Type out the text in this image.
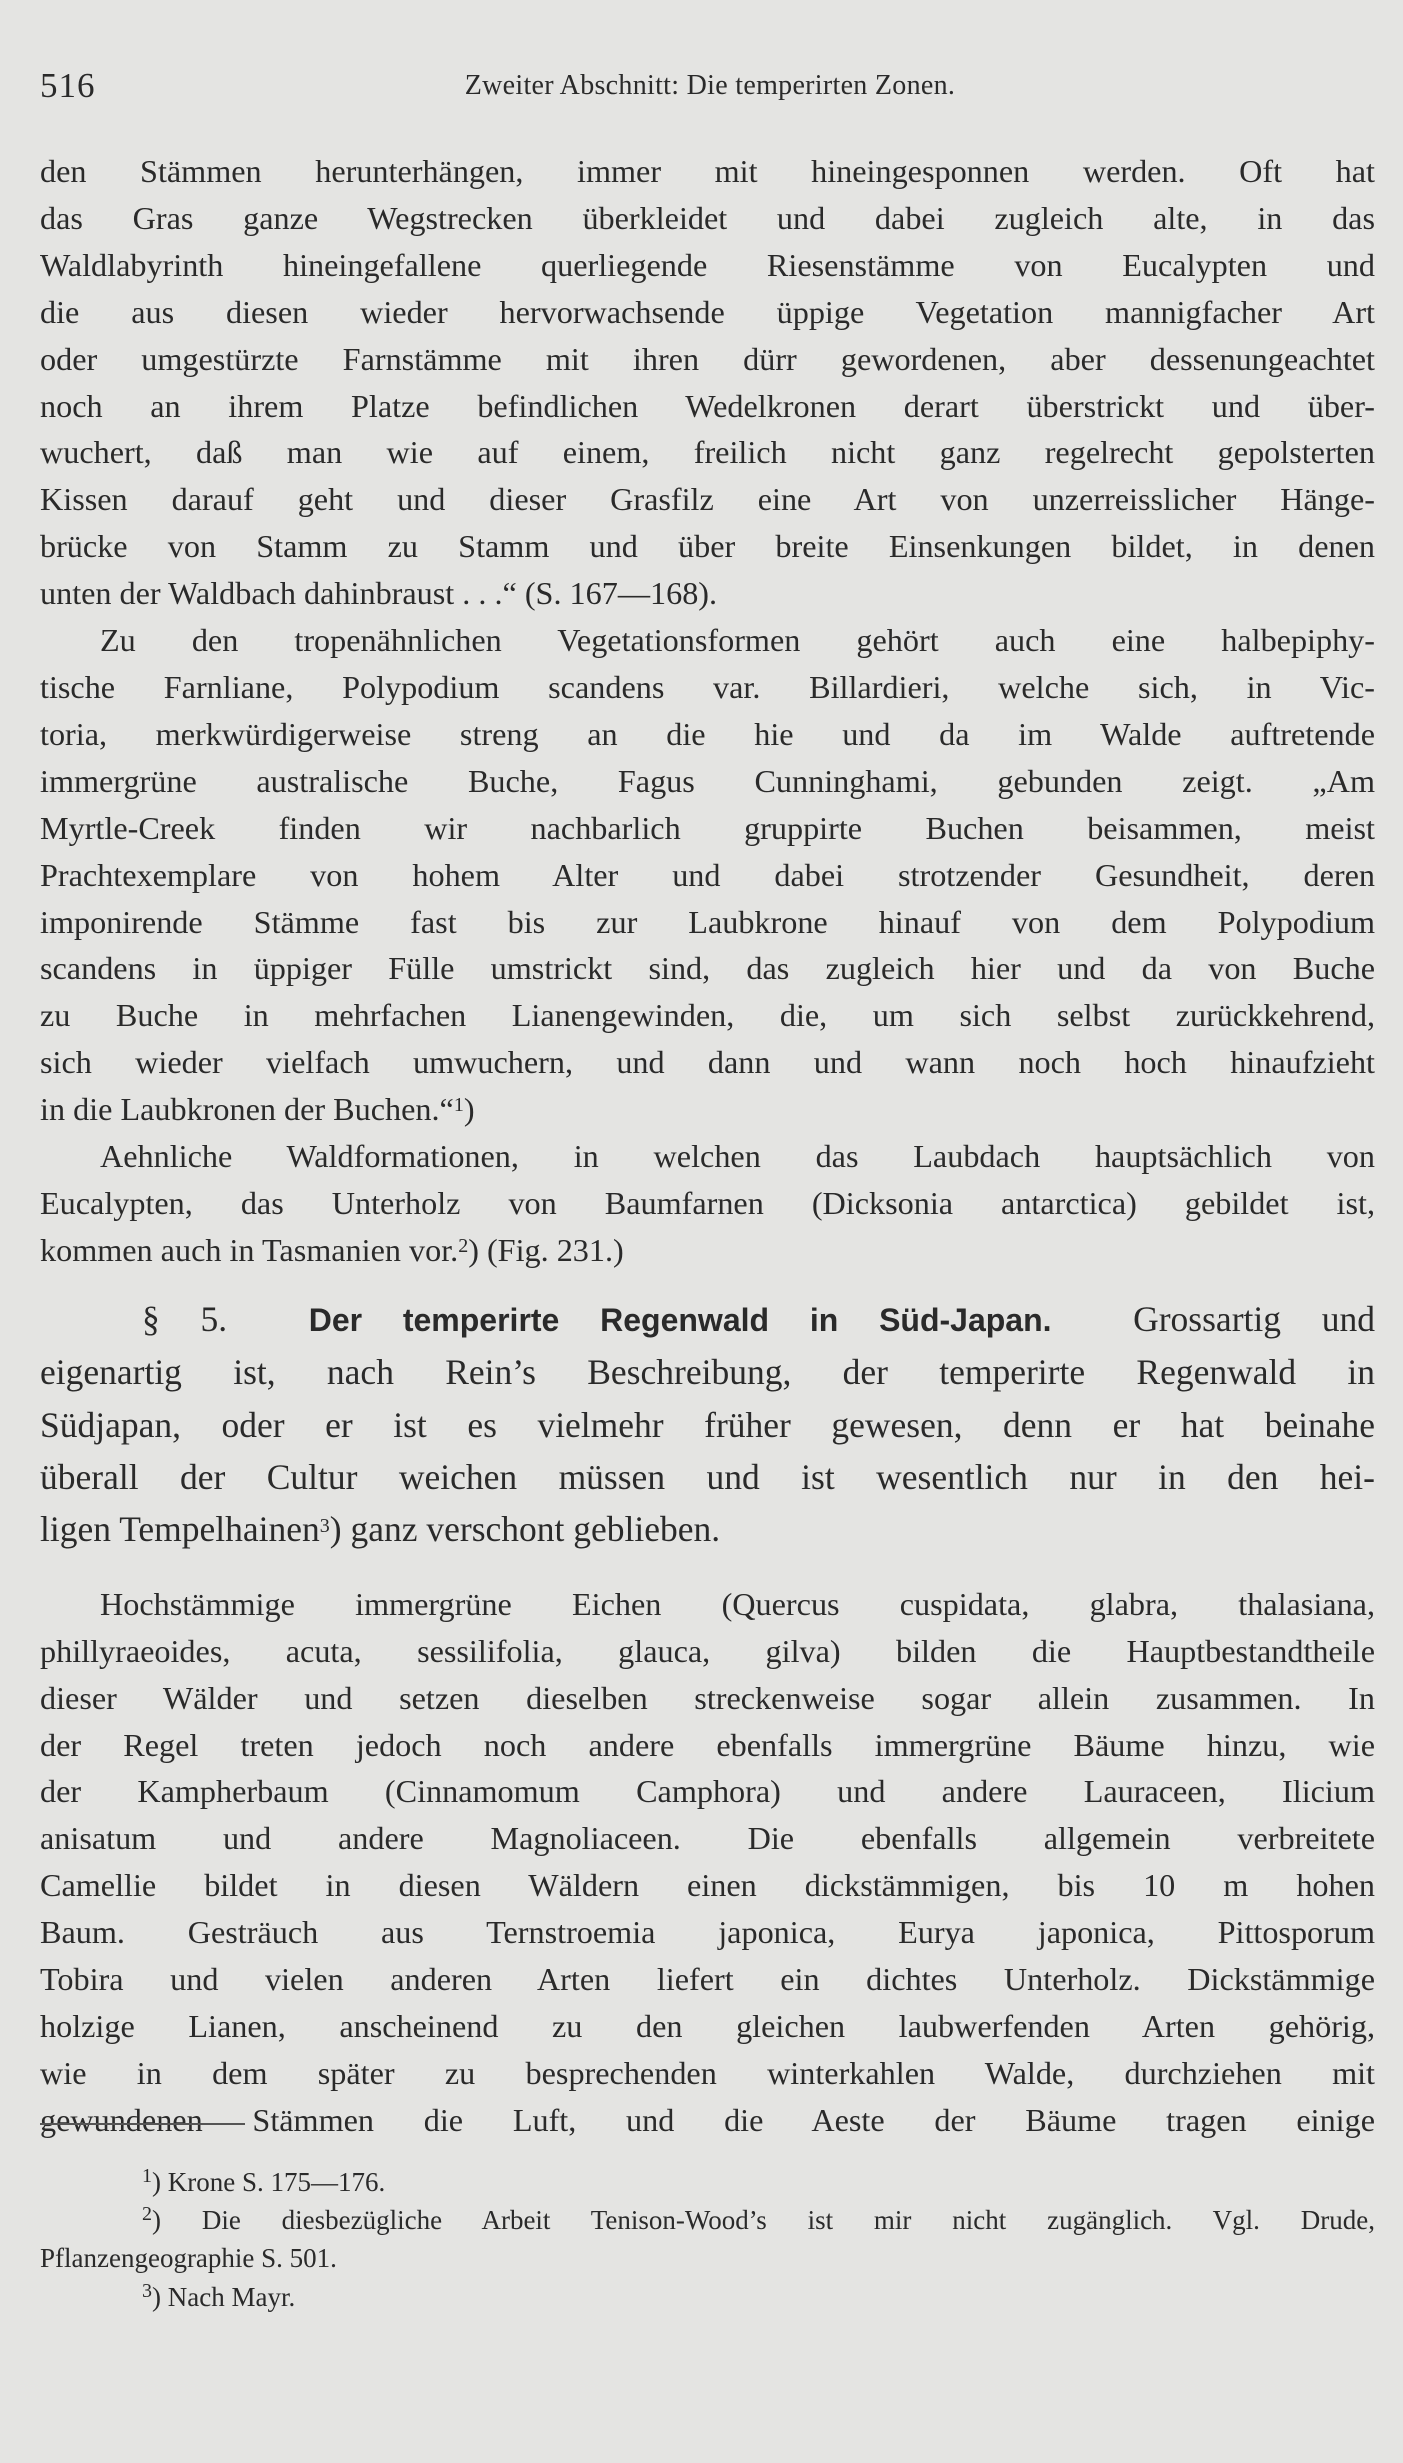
516	Zweiter Abschnitt: Die temperirten Zonen.
den Stämmen herunterhängen, immer mit hineingesponnen werden. Oft hat
das Gras ganze Wegstrecken überkleidet und dabei zugleich alte, in das
Waldlabyrinth hineingefallene querliegende Riesenstämme von Eucalypten und
die aus diesen wieder hervorwachsende üppige Vegetation mannigfacher Art
oder umgestürzte Farnstämme mit ihren dürr gewordenen, aber dessenungeachtet
noch an ihrem Platze befindlichen Wedelkronen derart überstrickt und über-
wuchert, daß man wie auf einem, freilich nicht ganz regelrecht gepolsterten
Kissen darauf geht und dieser Grasfilz eine Art von unzerreisslicher Hänge-
brücke von Stamm zu Stamm und über breite Einsenkungen bildet, in denen
unten der Waldbach dahinbraust . . .“ (S. 167—168).
Zu den tropenähnlichen Vegetationsformen gehört auch eine halbepiphy-
tische Farnliane, Polypodium scandens var. Billardieri, welche sich, in Vic-
toria, merkwürdigerweise streng an die hie und da im Walde auftretende
immergrüne australische Buche, Fagus Cunninghami, gebunden zeigt. „Am
Myrtle-Creek finden wir nachbarlich gruppirte Buchen beisammen, meist
Prachtexemplare von hohem Alter und dabei strotzender Gesundheit, deren
imponirende Stämme fast bis zur Laubkrone hinauf von dem Polypodium
scandens in üppiger Fülle umstrickt sind, das zugleich hier und da von Buche
zu Buche in mehrfachen Lianengewinden, die, um sich selbst zurückkehrend,
sich wieder vielfach umwuchern, und dann und wann noch hoch hinaufzieht
in die Laubkronen der Buchen.“$^1$)
Aehnliche Waldformationen, in welchen das Laubdach hauptsächlich von
Eucalypten, das Unterholz von Baumfarnen (Dicksonia antarctica) gebildet ist,
kommen auch in Tasmanien vor.$^2$) (Fig. 231.)
§ 5.	Der temperirte Regenwald in Süd-Japan. Grossartig und
eigenartig ist, nach Rein’s Beschreibung, der temperirte Regenwald in
Südjapan, oder er ist es vielmehr früher gewesen, denn er hat beinahe
überall der Cultur weichen müssen und ist wesentlich nur in den hei-
ligen Tempelhainen$^3$) ganz verschont geblieben.
Hochstämmige immergrüne Eichen (Quercus cuspidata, glabra, thalasiana,
phillyraeoides, acuta, sessilifolia, glauca, gilva) bilden die Hauptbestandtheile
dieser Wälder und setzen dieselben streckenweise sogar allein zusammen. In
der Regel treten jedoch noch andere ebenfalls immergrüne Bäume hinzu, wie
der Kampherbaum (Cinnamomum Camphora) und andere Lauraceen, Ilicium
anisatum und andere Magnoliaceen. Die ebenfalls allgemein verbreitete
Camellie bildet in diesen Wäldern einen dickstämmigen, bis 10 m hohen
Baum. Gesträuch aus Ternstroemia japonica, Eurya japonica, Pittosporum
Tobira und vielen anderen Arten liefert ein dichtes Unterholz. Dickstämmige
holzige Lianen, anscheinend zu den gleichen laubwerfenden Arten gehörig,
wie in dem später zu besprechenden winterkahlen Walde, durchziehen mit
gewundenen Stämmen die Luft, und die Aeste der Bäume tragen einige
$^1$) Krone S. 175—176.
$^2$) Die diesbezügliche Arbeit Tenison-Wood’s ist mir nicht zugänglich. Vgl. Drude,
Pflanzengeographie S. 501.
$^3$) Nach Mayr.
